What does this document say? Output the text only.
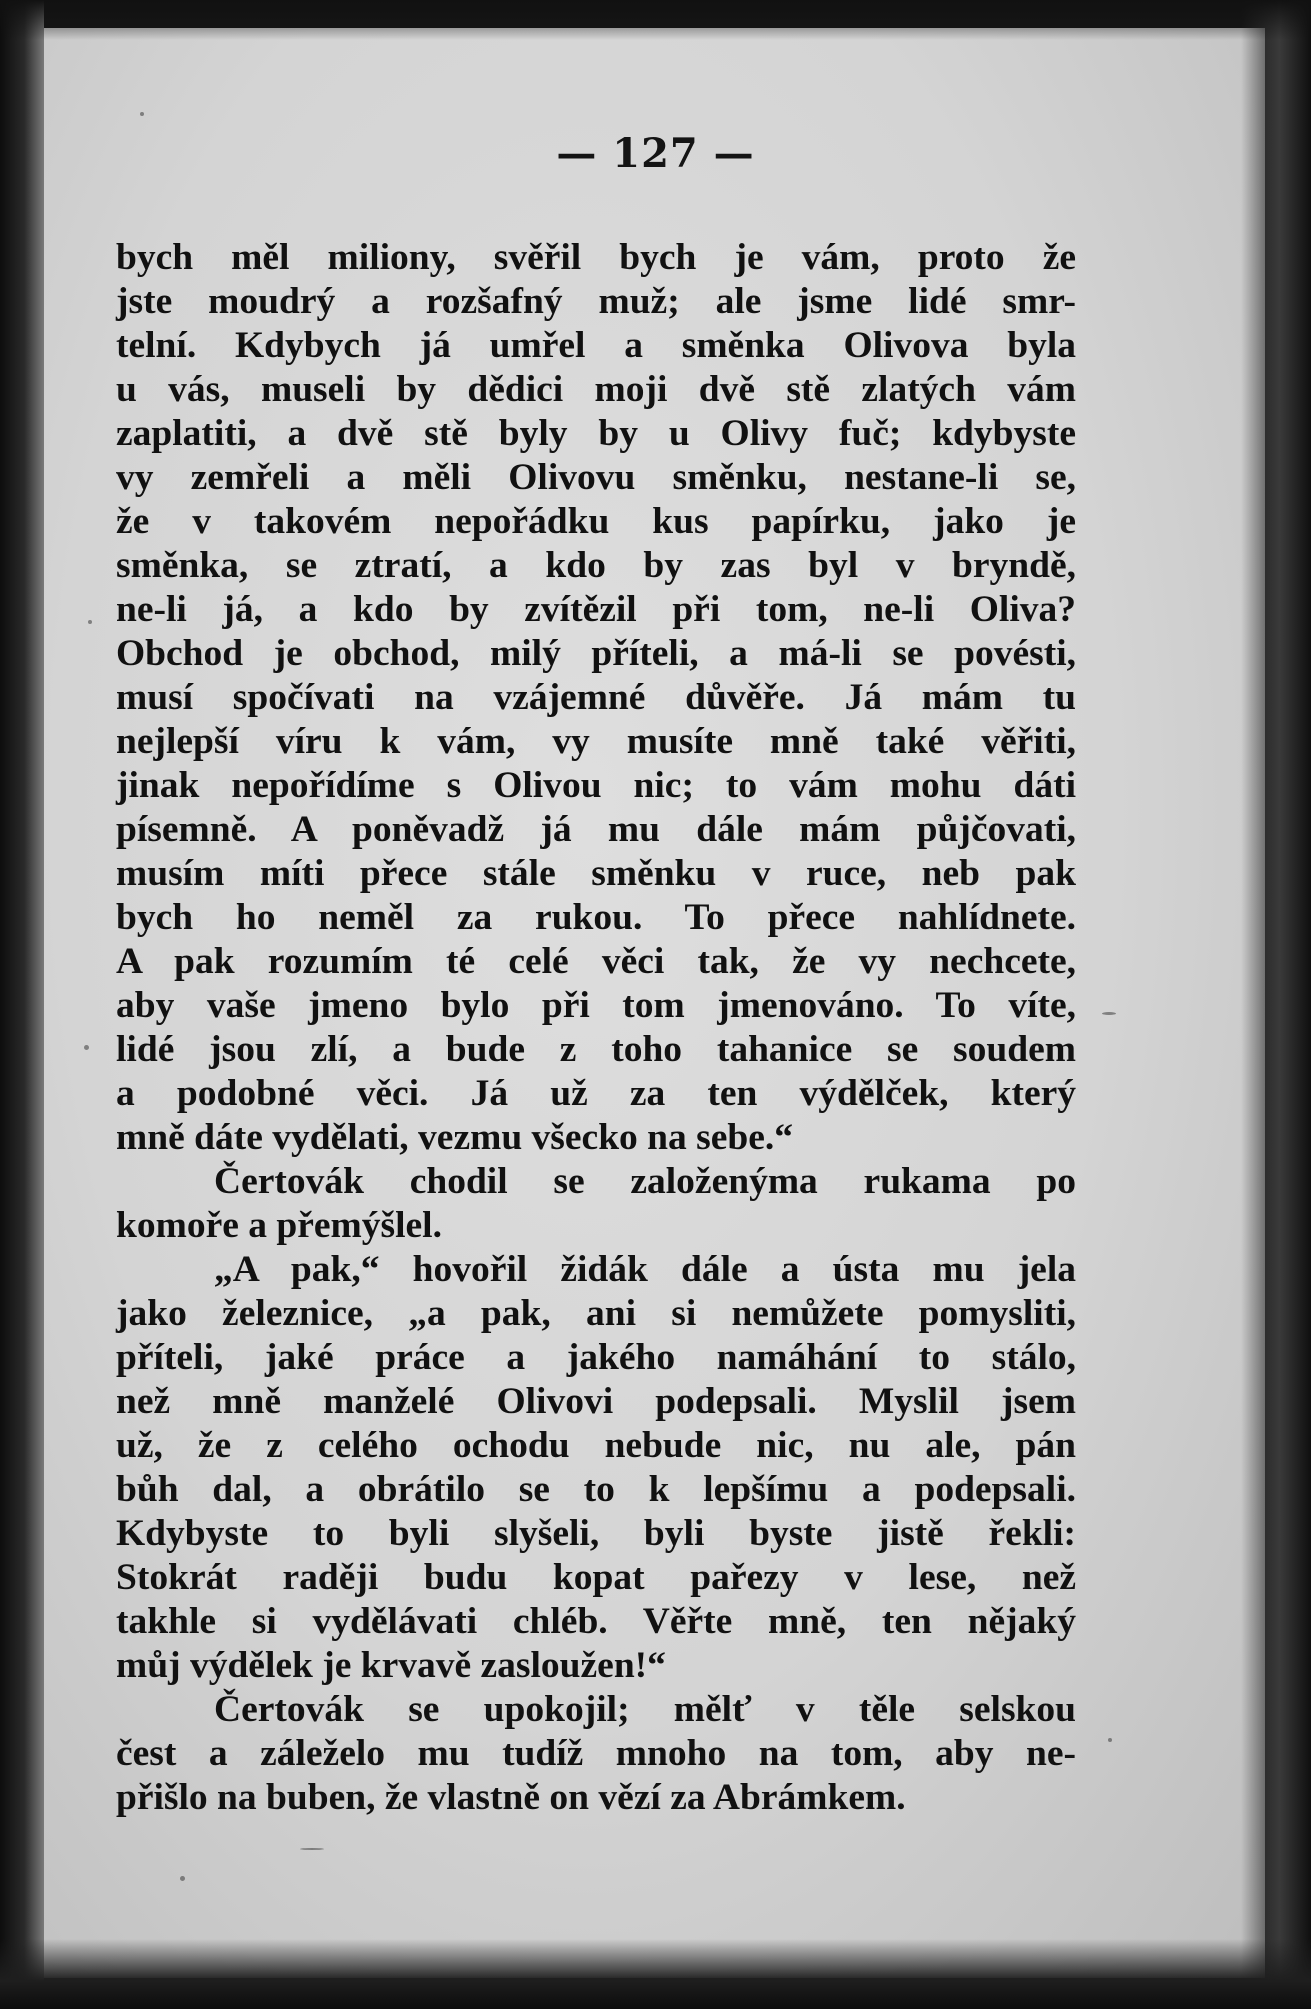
— 127 —
bych měl miliony, svěřil bych je vám, proto že
jste moudrý a rozšafný muž; ale jsme lidé smr-
telní. Kdybych já umřel a směnka Olivova byla
u vás, museli by dědici moji dvě stě zlatých vám
zaplatiti, a dvě stě byly by u Olivy fuč; kdybyste
vy zemřeli a měli Olivovu směnku, nestane-li se,
že v takovém nepořádku kus papírku, jako je
směnka, se ztratí, a kdo by zas byl v bryndě,
ne-li já, a kdo by zvítězil při tom, ne-li Oliva?
Obchod je obchod, milý příteli, a má-li se povésti,
musí spočívati na vzájemné důvěře. Já mám tu
nejlepší víru k vám, vy musíte mně také věřiti,
jinak nepořídíme s Olivou nic; to vám mohu dáti
písemně. A poněvadž já mu dále mám půjčovati,
musím míti přece stále směnku v ruce, neb pak
bych ho neměl za rukou. To přece nahlídnete.
A pak rozumím té celé věci tak, že vy nechcete,
aby vaše jmeno bylo při tom jmenováno. To víte,
lidé jsou zlí, a bude z toho tahanice se soudem
a podobné věci. Já už za ten výdělček, který
mně dáte vydělati, vezmu všecko na sebe.“
Čertovák chodil se založenýma rukama po
komoře a přemýšlel.
„A pak,“ hovořil židák dále a ústa mu jela
jako železnice, „a pak, ani si nemůžete pomysliti,
příteli, jaké práce a jakého namáhání to stálo,
než mně manželé Olivovi podepsali. Myslil jsem
už, že z celého ochodu nebude nic, nu ale, pán
bůh dal, a obrátilo se to k lepšímu a podepsali.
Kdybyste to byli slyšeli, byli byste jistě řekli:
Stokrát raději budu kopat pařezy v lese, než
takhle si vydělávati chléb. Věřte mně, ten nějaký
můj výdělek je krvavě zasloužen!“
Čertovák se upokojil; mělť v těle selskou
čest a záleželo mu tudíž mnoho na tom, aby ne-
přišlo na buben, že vlastně on vězí za Abrámkem.
